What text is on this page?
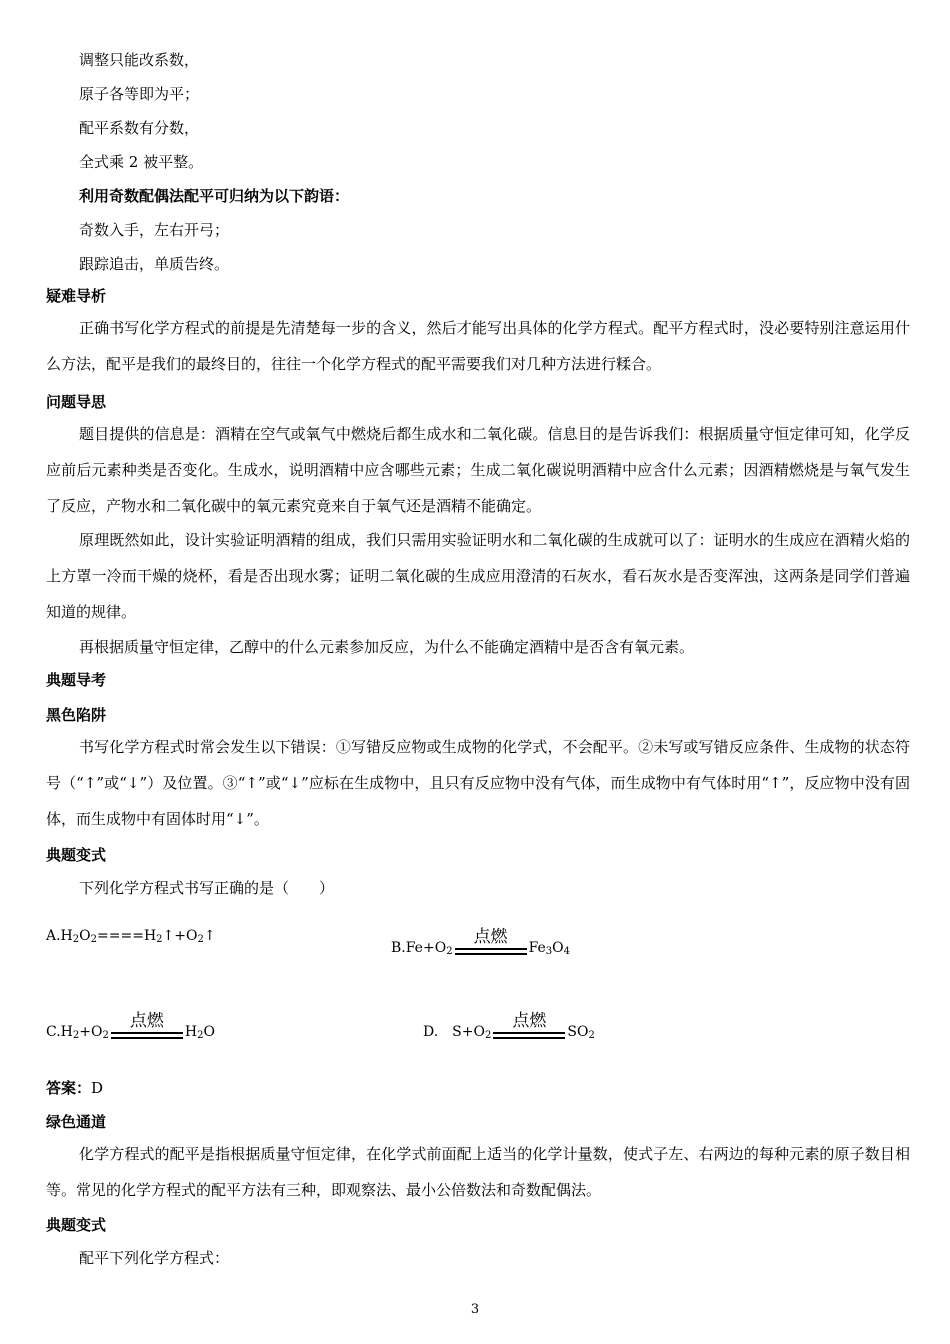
调整只能改系数，
原子各等即为平；
配平系数有分数，
全式乘 2 被平整。
利用奇数配偶法配平可归纳为以下韵语：
奇数入手，左右开弓；
跟踪追击，单质告终。
疑难导析
正确书写化学方程式的前提是先清楚每一步的含义，然后才能写出具体的化学方程式。配平方程式时，没必要特别注意运用什么方法，配平是我们的最终目的，往往一个化学方程式的配平需要我们对几种方法进行糅合。
问题导思
题目提供的信息是：酒精在空气或氧气中燃烧后都生成水和二氧化碳。信息目的是告诉我们：根据质量守恒定律可知，化学反应前后元素种类是否变化。生成水，说明酒精中应含哪些元素；生成二氧化碳说明酒精中应含什么元素；因酒精燃烧是与氧气发生了反应，产物水和二氧化碳中的氧元素究竟来自于氧气还是酒精不能确定。
原理既然如此，设计实验证明酒精的组成，我们只需用实验证明水和二氧化碳的生成就可以了：证明水的生成应在酒精火焰的上方罩一冷而干燥的烧杯，看是否出现水雾；证明二氧化碳的生成应用澄清的石灰水，看石灰水是否变浑浊，这两条是同学们普遍知道的规律。
再根据质量守恒定律，乙醇中的什么元素参加反应，为什么不能确定酒精中是否含有氧元素。
典题导考
黑色陷阱
书写化学方程式时常会发生以下错误：①写错反应物或生成物的化学式，不会配平。②未写或写错反应条件、生成物的状态符号（“↑”或“↓”）及位置。③“↑”或“↓”应标在生成物中，且只有反应物中没有气体，而生成物中有气体时用“↑”，反应物中没有固体，而生成物中有固体时用“↓”。
典题变式
下列化学方程式书写正确的是（　　）
$A.H_2O_2====H_2↑+O_2↑$
$B.Fe+O_2$
点燃
$Fe_3O_4$
$C.H_2+O_2$
点燃
$H_2O$	D.　$S+O_2$
点燃
$SO_2$
答案：D
绿色通道
化学方程式的配平是指根据质量守恒定律，在化学式前面配上适当的化学计量数，使式子左、右两边的每种元素的原子数目相等。常见的化学方程式的配平方法有三种，即观察法、最小公倍数法和奇数配偶法。
典题变式
配平下列化学方程式：
3
